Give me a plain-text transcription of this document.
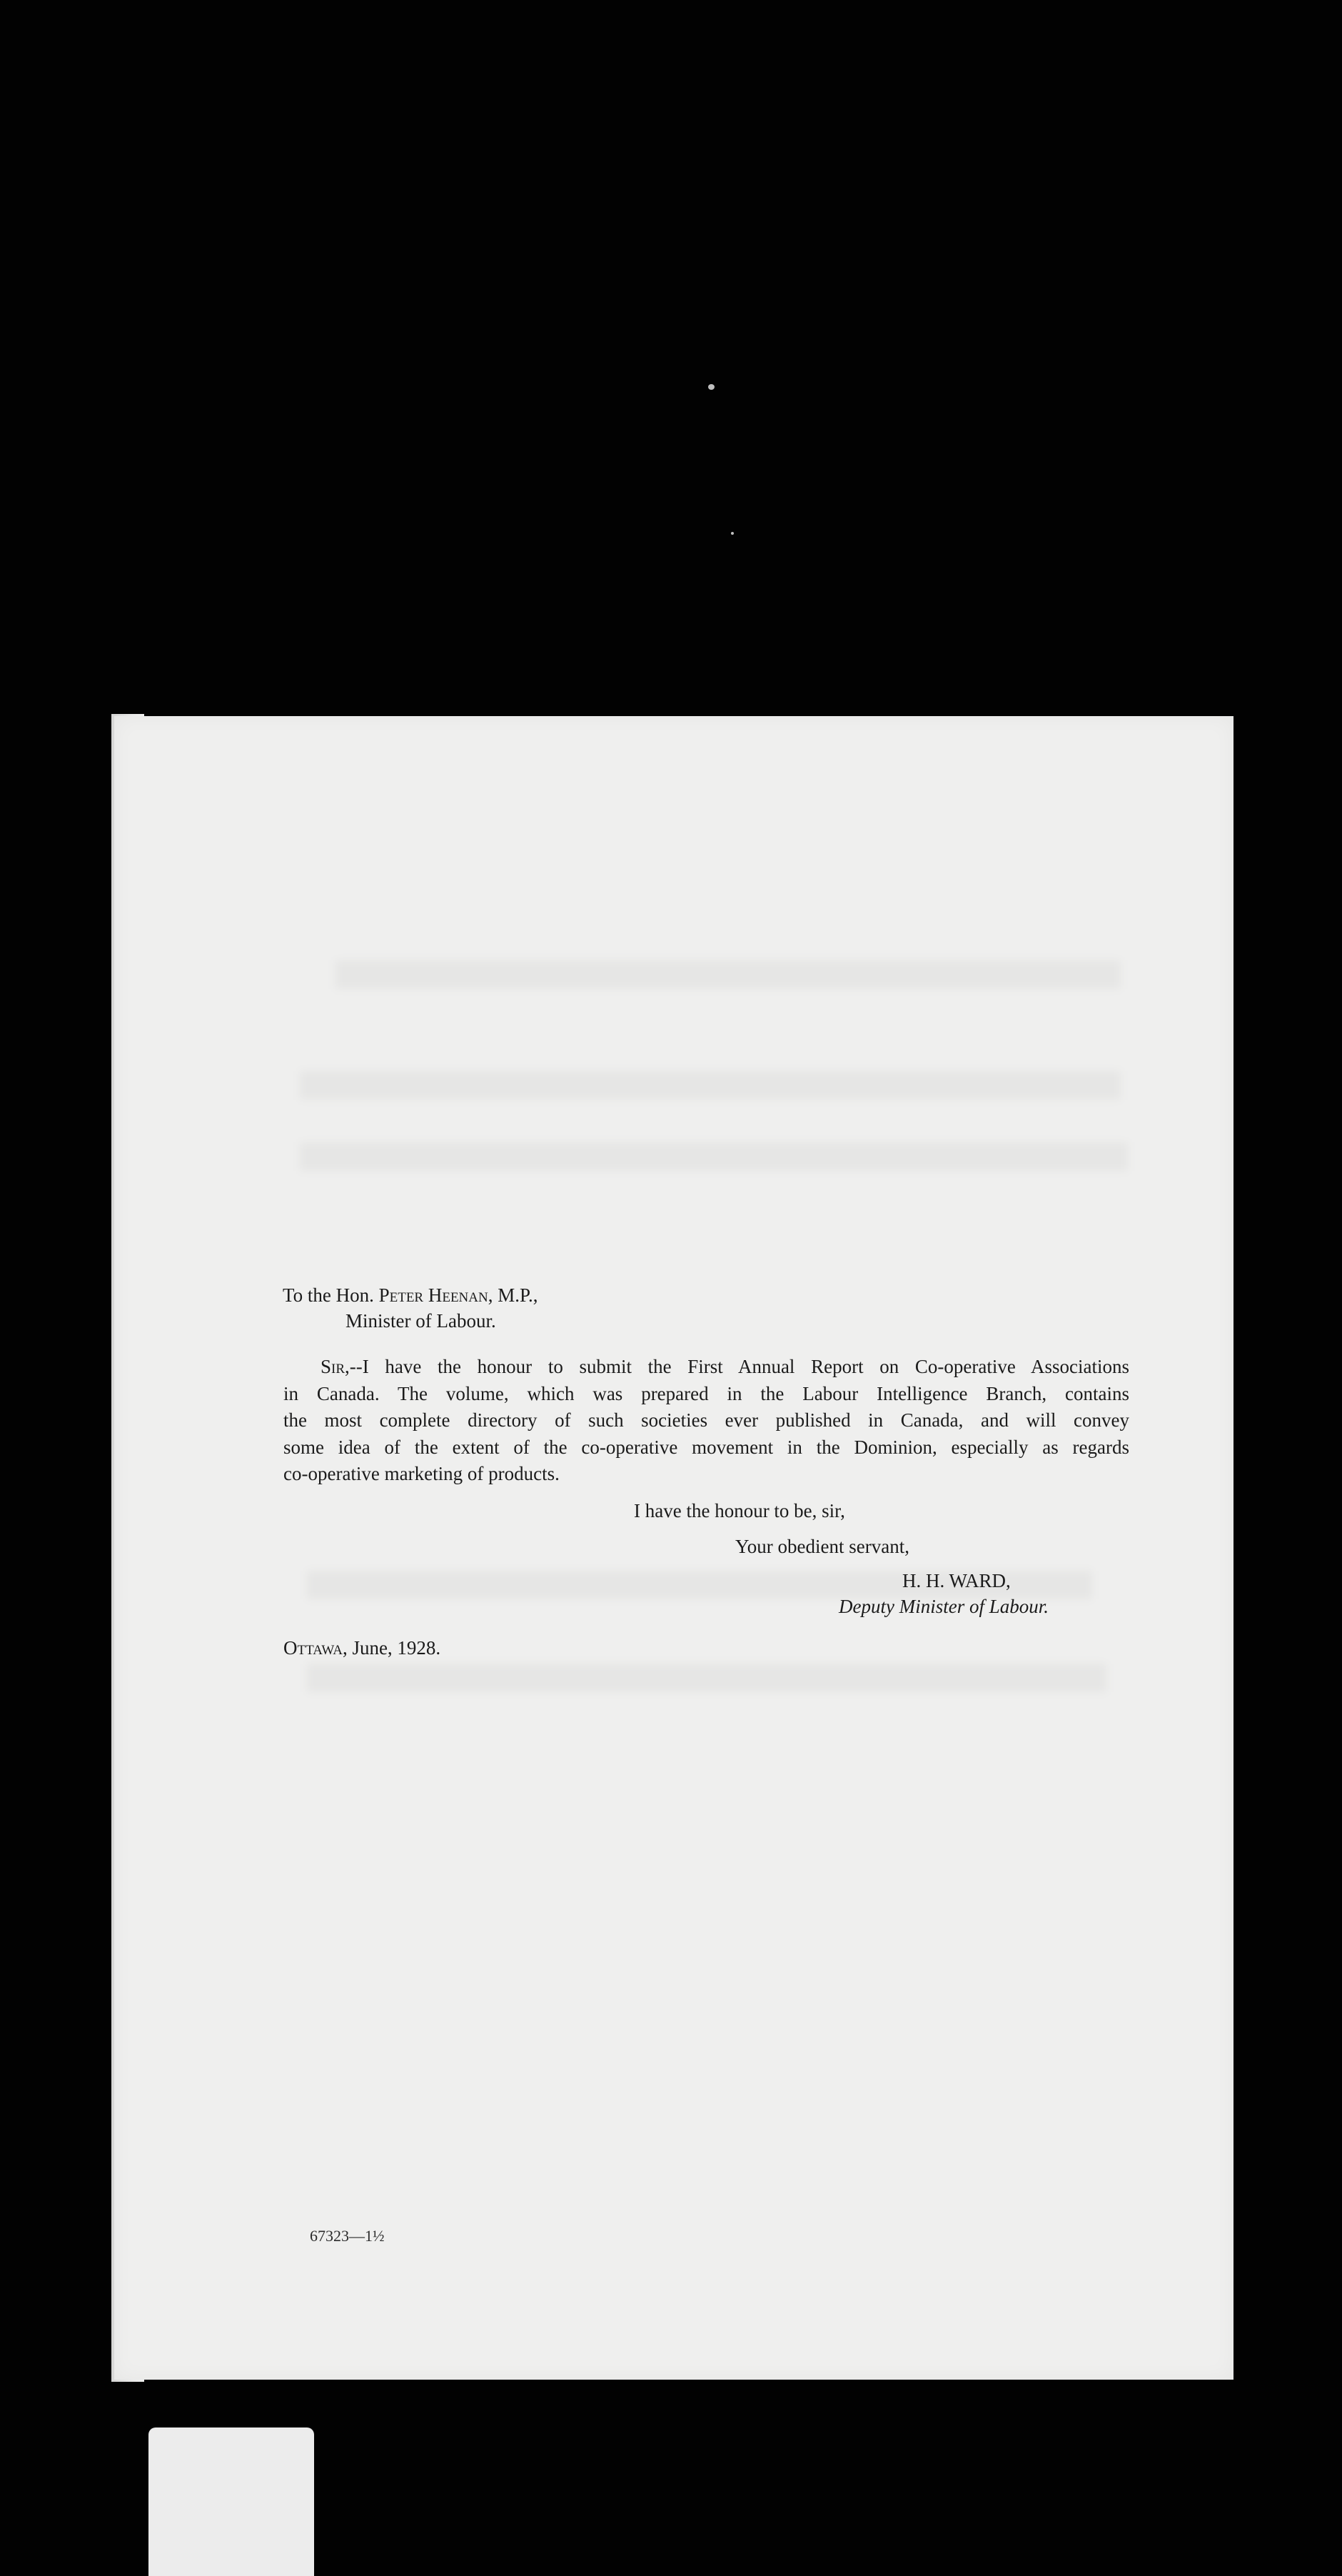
To the Hon. Peter Heenan, M.P.,
Minister of Labour.
Sir,--I have the honour to submit the First Annual Report on Co-operative Associations
in Canada. The volume, which was prepared in the Labour Intelligence Branch, contains
the most complete directory of such societies ever published in Canada, and will convey
some idea of the extent of the co-operative movement in the Dominion, especially as regards
co-operative marketing of products.
I have the honour to be, sir,
Your obedient servant,
H. H. WARD,
Deputy Minister of Labour.
Ottawa, June, 1928.
67323—1½
